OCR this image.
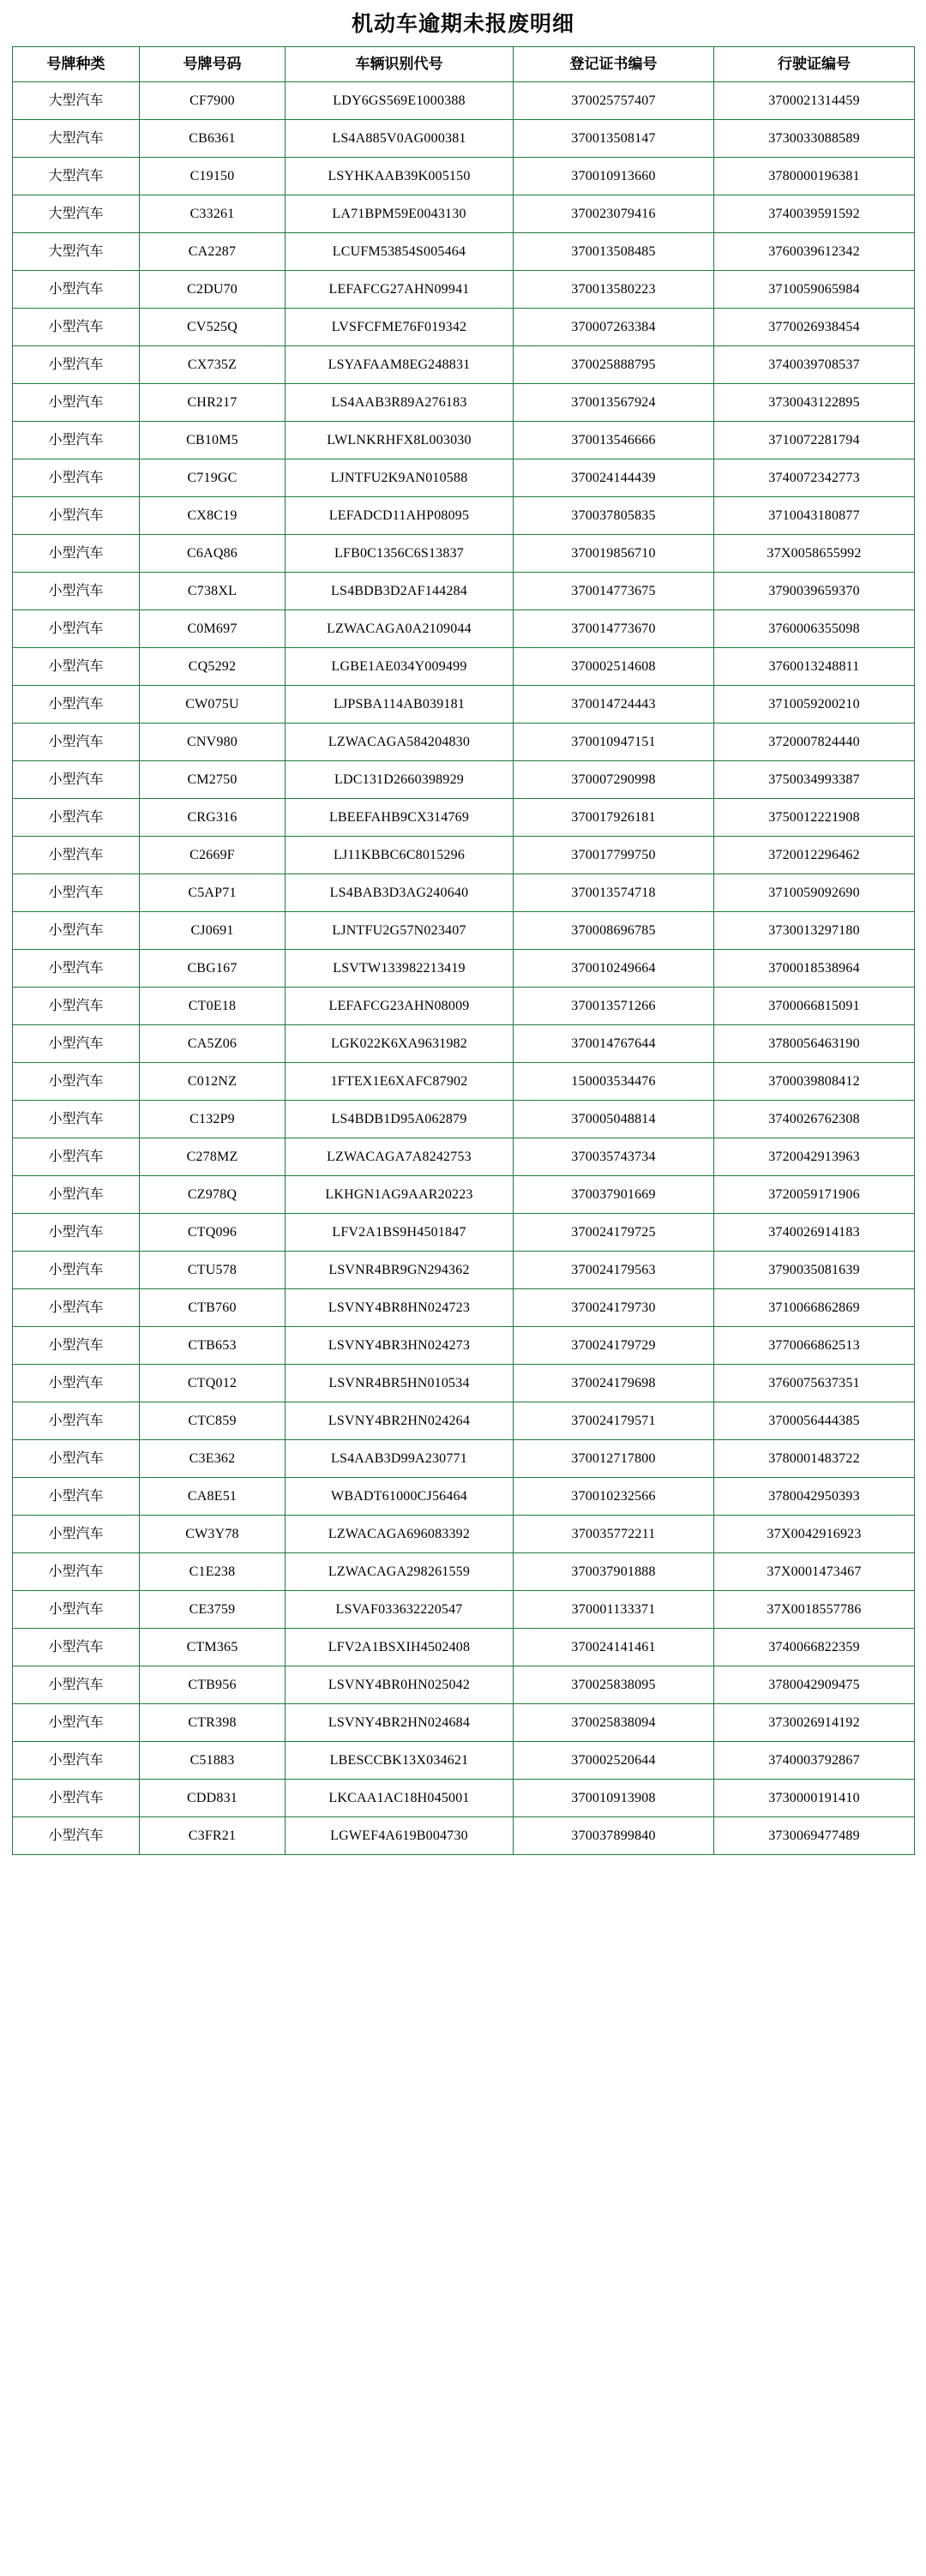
机动车逾期未报废明细
号牌种类	号牌号码	车辆识别代号	登记证书编号	行驶证编号
大型汽车	CF7900	LDY6GS569E1000388	370025757407	3700021314459
大型汽车	CB6361	LS4A885V0AG000381	370013508147	3730033088589
大型汽车	C19150	LSYHKAAB39K005150	370010913660	3780000196381
大型汽车	C33261	LA71BPM59E0043130	370023079416	3740039591592
大型汽车	CA2287	LCUFM53854S005464	370013508485	3760039612342
小型汽车	C2DU70	LEFAFCG27AHN09941	370013580223	3710059065984
小型汽车	CV525Q	LVSFCFME76F019342	370007263384	3770026938454
小型汽车	CX735Z	LSYAFAAM8EG248831	370025888795	3740039708537
小型汽车	CHR217	LS4AAB3R89A276183	370013567924	3730043122895
小型汽车	CB10M5	LWLNKRHFX8L003030	370013546666	3710072281794
小型汽车	C719GC	LJNTFU2K9AN010588	370024144439	3740072342773
小型汽车	CX8C19	LEFADCD11AHP08095	370037805835	3710043180877
小型汽车	C6AQ86	LFB0C1356C6S13837	370019856710	37X0058655992
小型汽车	C738XL	LS4BDB3D2AF144284	370014773675	3790039659370
小型汽车	C0M697	LZWACAGA0A2109044	370014773670	3760006355098
小型汽车	CQ5292	LGBE1AE034Y009499	370002514608	3760013248811
小型汽车	CW075U	LJPSBA114AB039181	370014724443	3710059200210
小型汽车	CNV980	LZWACAGA584204830	370010947151	3720007824440
小型汽车	CM2750	LDC131D2660398929	370007290998	3750034993387
小型汽车	CRG316	LBEEFAHB9CX314769	370017926181	3750012221908
小型汽车	C2669F	LJ11KBBC6C8015296	370017799750	3720012296462
小型汽车	C5AP71	LS4BAB3D3AG240640	370013574718	3710059092690
小型汽车	CJ0691	LJNTFU2G57N023407	370008696785	3730013297180
小型汽车	CBG167	LSVTW133982213419	370010249664	3700018538964
小型汽车	CT0E18	LEFAFCG23AHN08009	370013571266	3700066815091
小型汽车	CA5Z06	LGK022K6XA9631982	370014767644	3780056463190
小型汽车	C012NZ	1FTEX1E6XAFC87902	150003534476	3700039808412
小型汽车	C132P9	LS4BDB1D95A062879	370005048814	3740026762308
小型汽车	C278MZ	LZWACAGA7A8242753	370035743734	3720042913963
小型汽车	CZ978Q	LKHGN1AG9AAR20223	370037901669	3720059171906
小型汽车	CTQ096	LFV2A1BS9H4501847	370024179725	3740026914183
小型汽车	CTU578	LSVNR4BR9GN294362	370024179563	3790035081639
小型汽车	CTB760	LSVNY4BR8HN024723	370024179730	3710066862869
小型汽车	CTB653	LSVNY4BR3HN024273	370024179729	3770066862513
小型汽车	CTQ012	LSVNR4BR5HN010534	370024179698	3760075637351
小型汽车	CTC859	LSVNY4BR2HN024264	370024179571	3700056444385
小型汽车	C3E362	LS4AAB3D99A230771	370012717800	3780001483722
小型汽车	CA8E51	WBADT61000CJ56464	370010232566	3780042950393
小型汽车	CW3Y78	LZWACAGA696083392	370035772211	37X0042916923
小型汽车	C1E238	LZWACAGA298261559	370037901888	37X0001473467
小型汽车	CE3759	LSVAF033632220547	370001133371	37X0018557786
小型汽车	CTM365	LFV2A1BSXIH4502408	370024141461	3740066822359
小型汽车	CTB956	LSVNY4BR0HN025042	370025838095	3780042909475
小型汽车	CTR398	LSVNY4BR2HN024684	370025838094	3730026914192
小型汽车	C51883	LBESCCBK13X034621	370002520644	3740003792867
小型汽车	CDD831	LKCAA1AC18H045001	370010913908	3730000191410
小型汽车	C3FR21	LGWEF4A619B004730	370037899840	3730069477489
